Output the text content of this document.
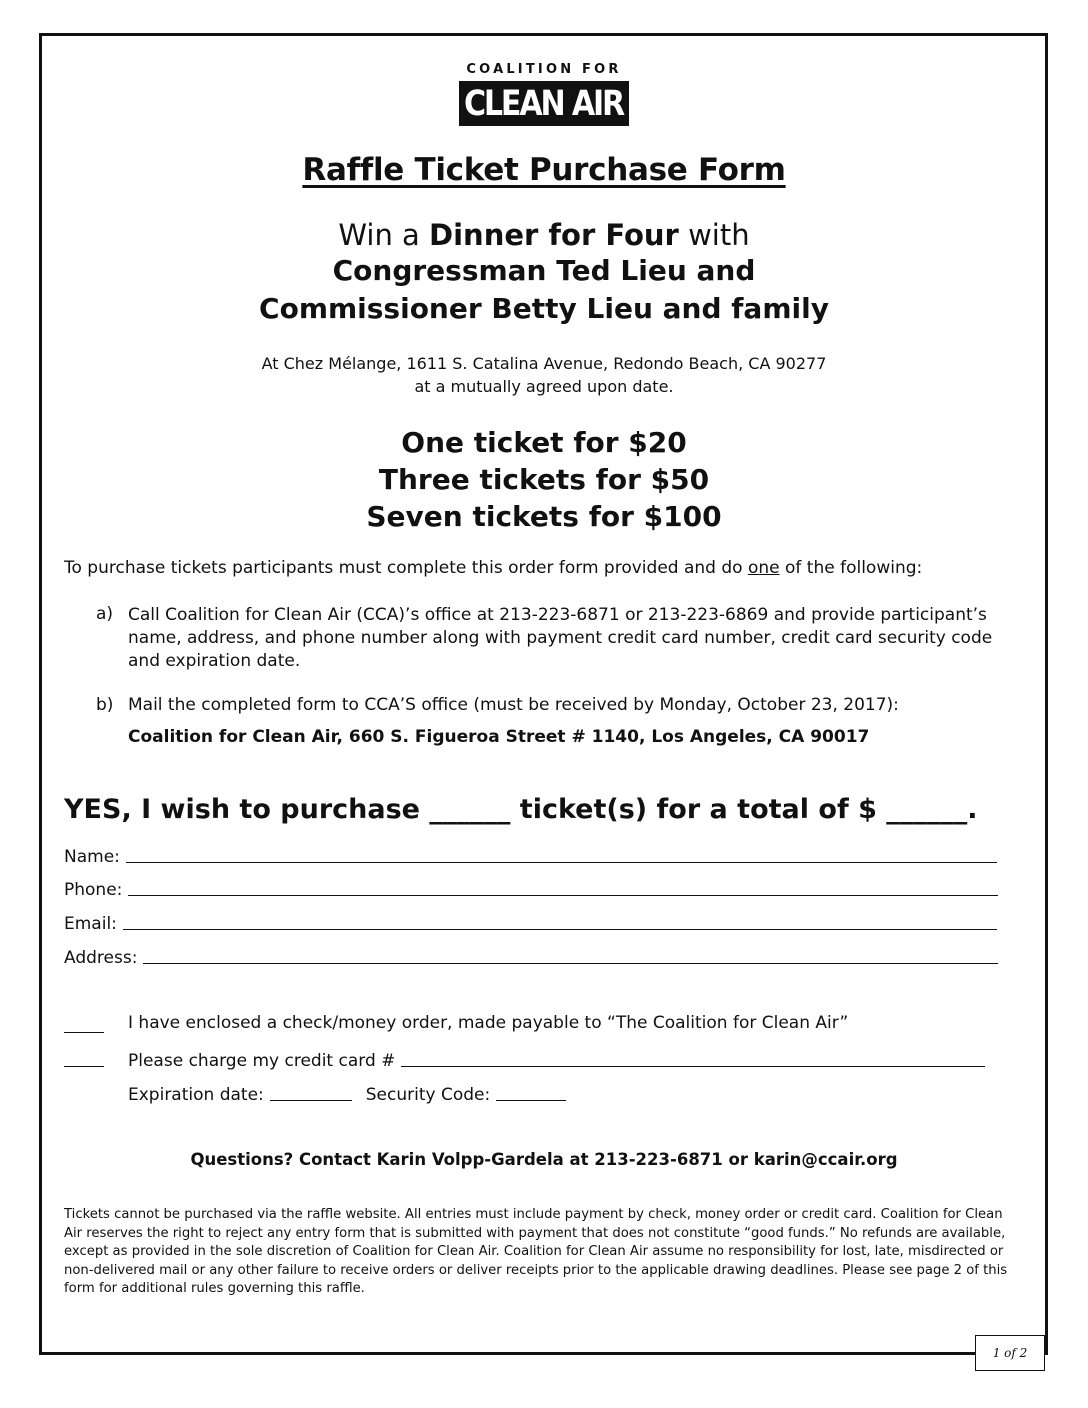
COALITION FOR
CLEAN AIR
Raffle Ticket Purchase Form
Win a Dinner for Four with
Congressman Ted Lieu and
Commissioner Betty Lieu and family
At Chez Mélange, 1611 S. Catalina Avenue, Redondo Beach, CA 90277
at a mutually agreed upon date.
One ticket for $20
Three tickets for $50
Seven tickets for $100
To purchase tickets participants must complete this order form provided and do one of the following:
a) Call Coalition for Clean Air (CCA)’s office at 213-223-6871 or 213-223-6869 and provide participant’s name, address, and phone number along with payment credit card number, credit card security code and expiration date.
b) Mail the completed form to CCA’S office (must be received by Monday, October 23, 2017):
Coalition for Clean Air, 660 S. Figueroa Street # 1140, Los Angeles, CA 90017
YES, I wish to purchase ______ ticket(s) for a total of $ ______.
Name:
Phone:
Email:
Address:
I have enclosed a check/money order, made payable to “The Coalition for Clean Air”
Please charge my credit card #
Expiration date:	Security Code:
Questions? Contact Karin Volpp-Gardela at 213-223-6871 or karin@ccair.org
Tickets cannot be purchased via the raffle website. All entries must include payment by check, money order or credit card. Coalition for Clean Air reserves the right to reject any entry form that is submitted with payment that does not constitute “good funds.” No refunds are available, except as provided in the sole discretion of Coalition for Clean Air. Coalition for Clean Air assume no responsibility for lost, late, misdirected or non-delivered mail or any other failure to receive orders or deliver receipts prior to the applicable drawing deadlines. Please see page 2 of this form for additional rules governing this raffle.
1 of 2
